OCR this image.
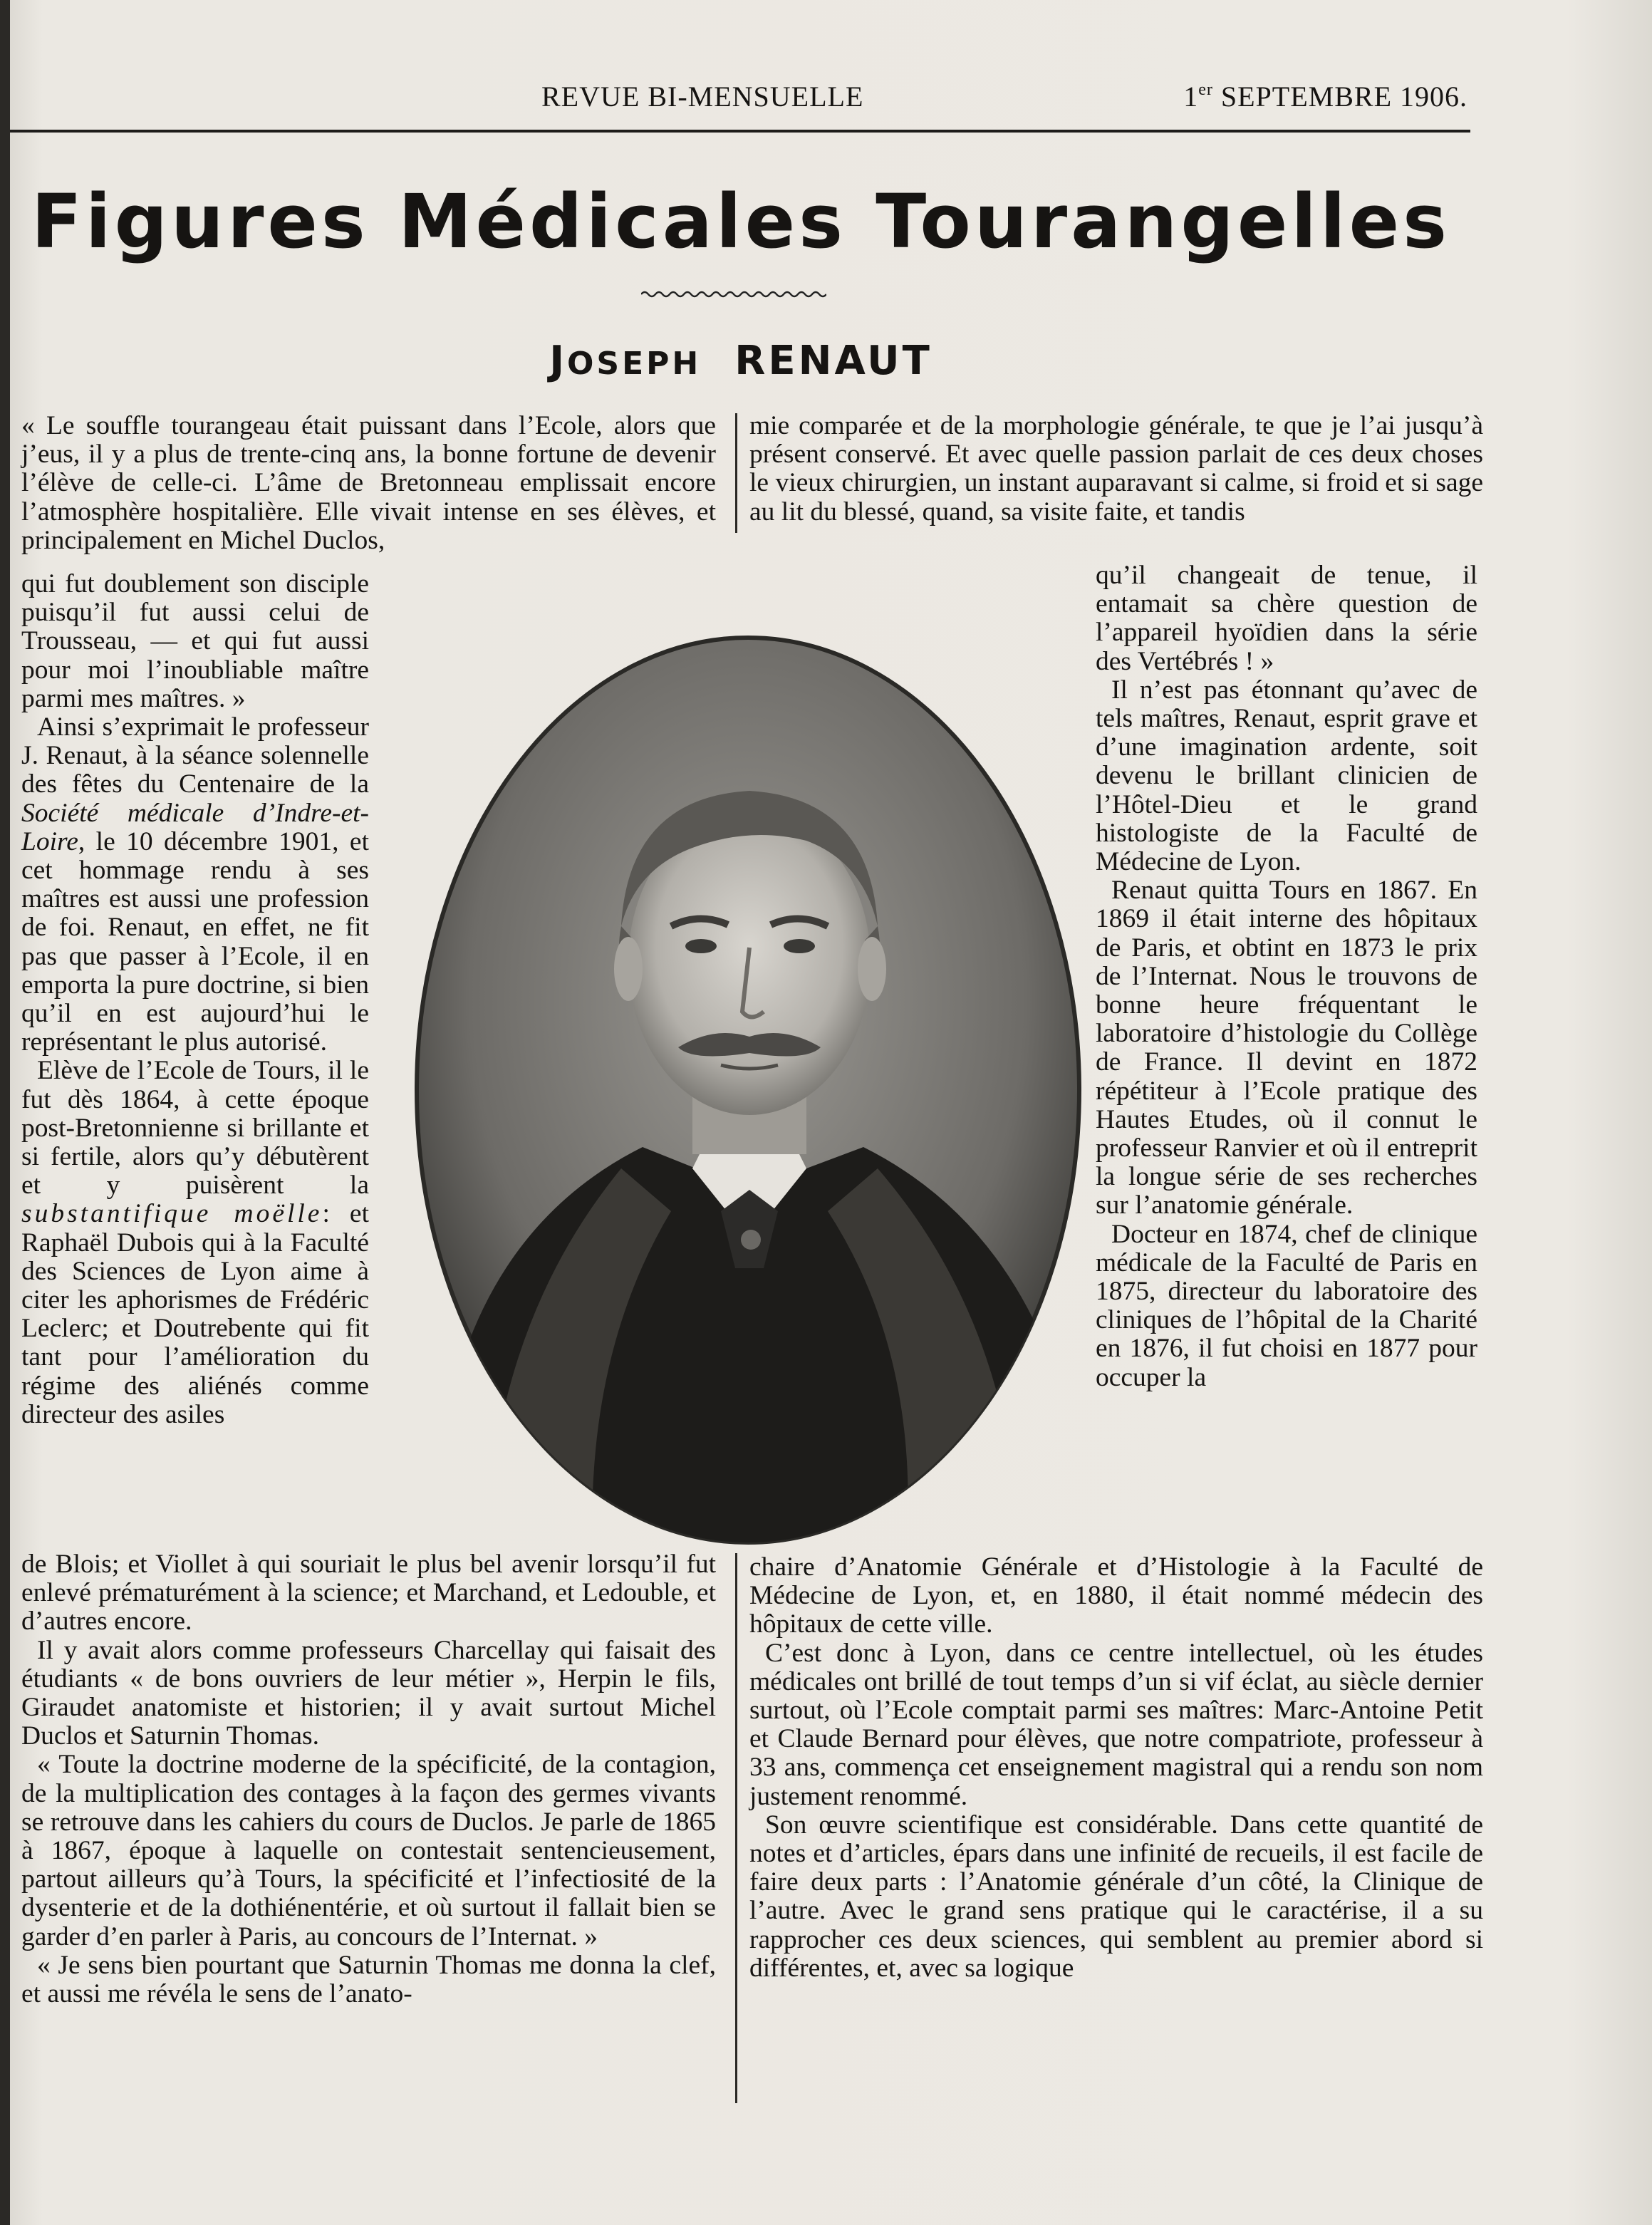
REVUE BI-MENSUELLE	1er SEPTEMBRE 1906.
Figures Médicales Tourangelles
JOSEPH RENAUT

« Le souffle tourangeau était puissant dans l’Ecole, alors que j’eus, il y a plus de trente-cinq ans, la bonne fortune de devenir l’élève de celle-ci. L’âme de Bretonneau emplissait encore l’atmosphère hospitalière. Elle vivait intense en ses élèves, et principalement en Michel Duclos,

qui fut doublement son disciple puisqu’il fut aussi celui de Trousseau, — et qui fut aussi pour moi l’inoubliable maître parmi mes maîtres. »

Ainsi s’exprimait le professeur J. Renaut, à la séance solennelle des fêtes du Centenaire de la Société médicale d’Indre-et-Loire, le 10 décembre 1901, et cet hommage rendu à ses maîtres est aussi une profession de foi. Renaut, en effet, ne fit pas que passer à l’Ecole, il en emporta la pure doctrine, si bien qu’il en est aujourd’hui le représentant le plus autorisé.

Elève de l’Ecole de Tours, il le fut dès 1864, à cette époque post-Bretonnienne si brillante et si fertile, alors qu’y débutèrent et y puisèrent la substantifique moëlle: et Raphaël Dubois qui à la Faculté des Sciences de Lyon aime à citer les aphorismes de Frédéric Leclerc; et Doutrebente qui fit tant pour l’amélioration du régime des aliénés comme directeur des asiles

de Blois; et Viollet à qui souriait le plus bel avenir lorsqu’il fut enlevé prématurément à la science; et Marchand, et Ledouble, et d’autres encore.

Il y avait alors comme professeurs Charcellay qui faisait des étudiants « de bons ouvriers de leur métier », Herpin le fils, Giraudet anatomiste et historien; il y avait surtout Michel Duclos et Saturnin Thomas.

« Toute la doctrine moderne de la spécificité, de la contagion, de la multiplication des contages à la façon des germes vivants se retrouve dans les cahiers du cours de Duclos. Je parle de 1865 à 1867, époque à laquelle on contestait sentencieusement, partout ailleurs qu’à Tours, la spécificité et l’infectiosité de la dysenterie et de la dothiénentérie, et où surtout il fallait bien se garder d’en parler à Paris, au concours de l’Internat. »

« Je sens bien pourtant que Saturnin Thomas me donna la clef, et aussi me révéla le sens de l’anato-

mie comparée et de la morphologie générale, te que je l’ai jusqu’à présent conservé. Et avec quelle passion parlait de ces deux choses le vieux chirurgien, un instant auparavant si calme, si froid et si sage au lit du blessé, quand, sa visite faite, et tandis

qu’il changeait de tenue, il entamait sa chère question de l’appareil hyoïdien dans la série des Vertébrés ! »

Il n’est pas étonnant qu’avec de tels maîtres, Renaut, esprit grave et d’une imagination ardente, soit devenu le brillant clinicien de l’Hôtel-Dieu et le grand histologiste de la Faculté de Médecine de Lyon.

Renaut quitta Tours en 1867. En 1869 il était interne des hôpitaux de Paris, et obtint en 1873 le prix de l’Internat. Nous le trouvons de bonne heure fréquentant le laboratoire d’histologie du Collège de France. Il devint en 1872 répétiteur à l’Ecole pratique des Hautes Etudes, où il connut le professeur Ranvier et où il entreprit la longue série de ses recherches sur l’anatomie générale.

Docteur en 1874, chef de clinique médicale de la Faculté de Paris en 1875, directeur du laboratoire des cliniques de l’hôpital de la Charité en 1876, il fut choisi en 1877 pour occuper la

chaire d’Anatomie Générale et d’Histologie à la Faculté de Médecine de Lyon, et, en 1880, il était nommé médecin des hôpitaux de cette ville.

C’est donc à Lyon, dans ce centre intellectuel, où les études médicales ont brillé de tout temps d’un si vif éclat, au siècle dernier surtout, où l’Ecole comptait parmi ses maîtres: Marc-Antoine Petit et Claude Bernard pour élèves, que notre compatriote, professeur à 33 ans, commença cet enseignement magistral qui a rendu son nom justement renommé.

Son œuvre scientifique est considérable. Dans cette quantité de notes et d’articles, épars dans une infinité de recueils, il est facile de faire deux parts : l’Anatomie générale d’un côté, la Clinique de l’autre. Avec le grand sens pratique qui le caractérise, il a su rapprocher ces deux sciences, qui semblent au premier abord si différentes, et, avec sa logique
